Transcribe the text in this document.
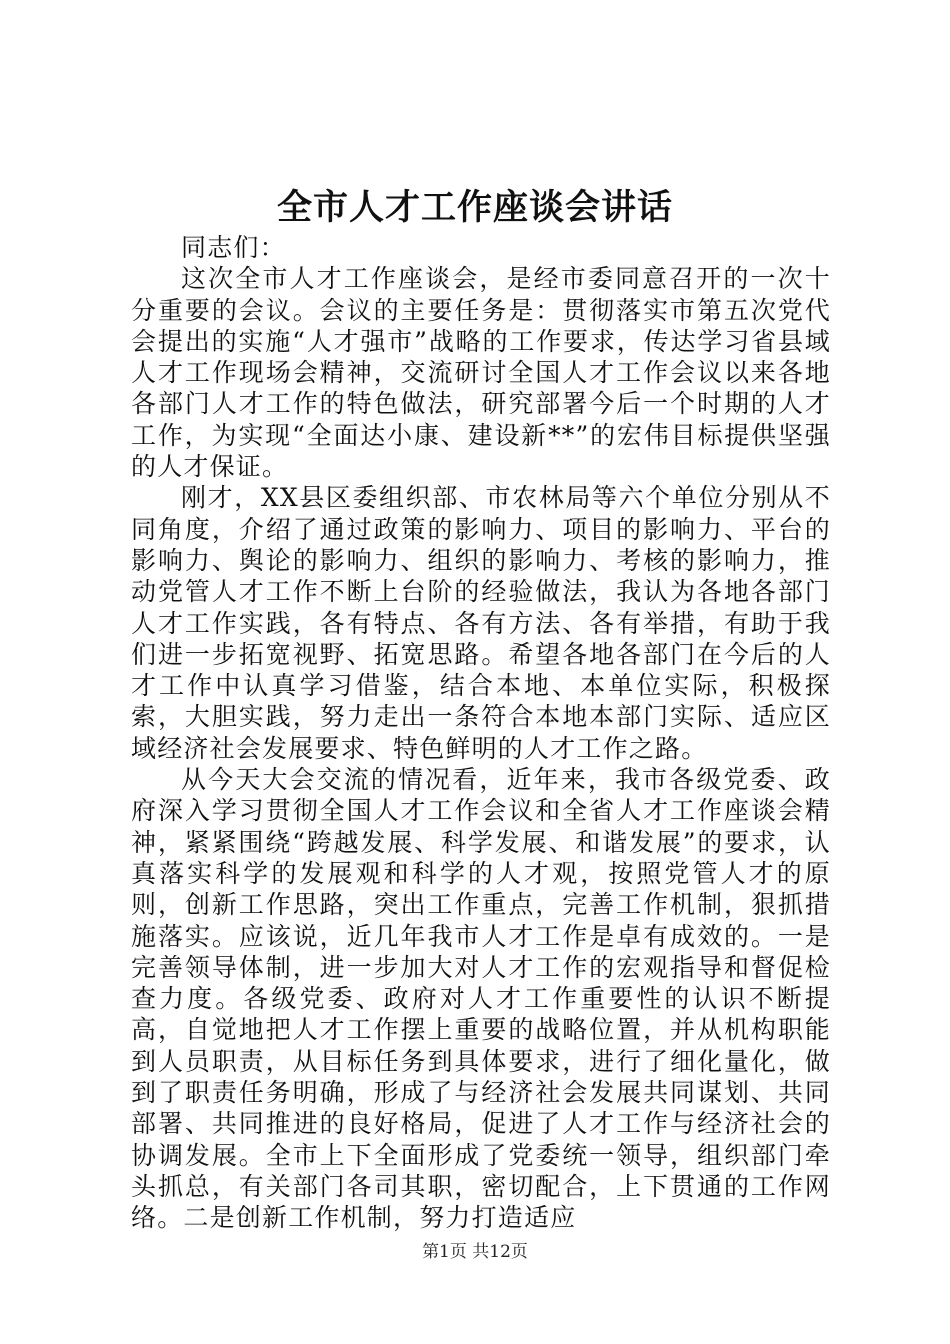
全市人才工作座谈会讲话

同志们：

这次全市人才工作座谈会，是经市委同意召开的一次十分重要的会议。会议的主要任务是：贯彻落实市第五次党代会提出的实施“人才强市”战略的工作要求，传达学习省县域人才工作现场会精神，交流研讨全国人才工作会议以来各地各部门人才工作的特色做法，研究部署今后一个时期的人才工作，为实现“全面达小康、建设新**”的宏伟目标提供坚强的人才保证。

刚才，XX县区委组织部、市农林局等六个单位分别从不同角度，介绍了通过政策的影响力、项目的影响力、平台的影响力、舆论的影响力、组织的影响力、考核的影响力，推动党管人才工作不断上台阶的经验做法，我认为各地各部门人才工作实践，各有特点、各有方法、各有举措，有助于我们进一步拓宽视野、拓宽思路。希望各地各部门在今后的人才工作中认真学习借鉴，结合本地、本单位实际，积极探索，大胆实践，努力走出一条符合本地本部门实际、适应区域经济社会发展要求、特色鲜明的人才工作之路。

从今天大会交流的情况看，近年来，我市各级党委、政府深入学习贯彻全国人才工作会议和全省人才工作座谈会精神，紧紧围绕“跨越发展、科学发展、和谐发展”的要求，认真落实科学的发展观和科学的人才观，按照党管人才的原则，创新工作思路，突出工作重点，完善工作机制，狠抓措施落实。应该说，近几年我市人才工作是卓有成效的。一是完善领导体制，进一步加大对人才工作的宏观指导和督促检查力度。各级党委、政府对人才工作重要性的认识不断提高，自觉地把人才工作摆上重要的战略位置，并从机构职能到人员职责，从目标任务到具体要求，进行了细化量化，做到了职责任务明确，形成了与经济社会发展共同谋划、共同部署、共同推进的良好格局，促进了人才工作与经济社会的协调发展。全市上下全面形成了党委统一领导，组织部门牵头抓总，有关部门各司其职，密切配合，上下贯通的工作网络。二是创新工作机制，努力打造适应

第1页 共12页
